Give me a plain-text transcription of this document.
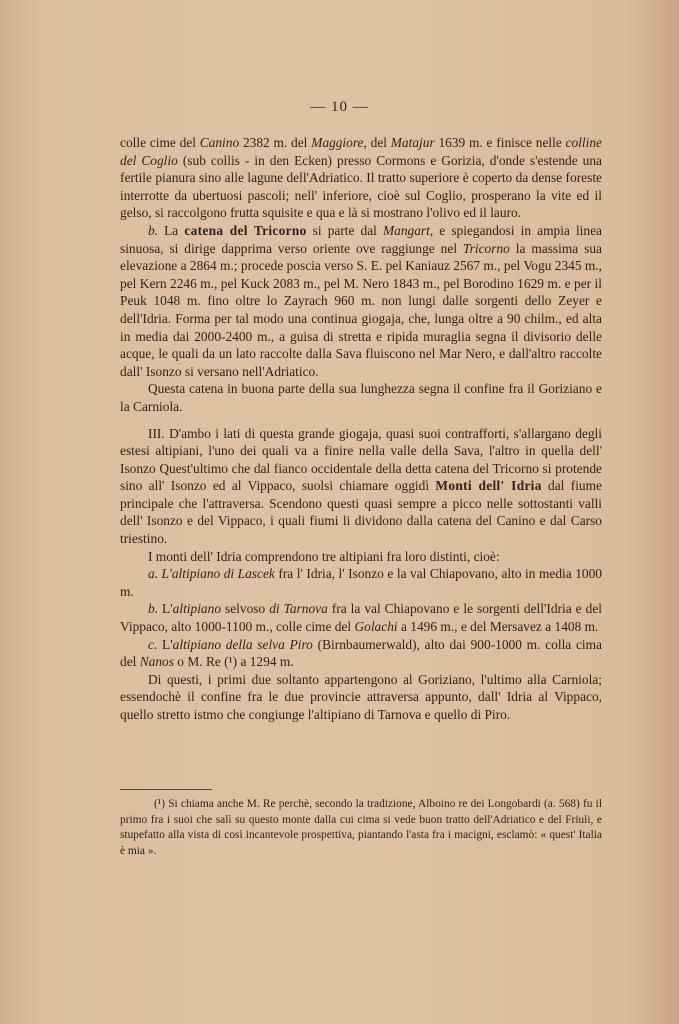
— 10 —

colle cime del Canino 2382 m. del Maggiore, del Matajur 1639 m. e finisce nelle colline del Coglio (sub collis - in den Ecken) presso Cormons e Gorizia, d'onde s'estende una fertile pianura sino alle lagune dell'Adriatico. Il tratto superiore è coperto da dense foreste interrotte da ubertuosi pascoli; nell' inferiore, cioè sul Coglio, prosperano la vite ed il gelso, si raccolgono frutta squisite e qua e là si mostrano l'olivo ed il lauro.

b. La catena del Tricorno si parte dal Mangart, e spiegandosi in ampia linea sinuosa, si dirige dapprima verso oriente ove raggiunge nel Tricorno la massima sua elevazione a 2864 m.; procede poscia verso S. E. pel Kaniauz 2567 m., pel Vogu 2345 m., pel Kern 2246 m., pel Kuck 2083 m., pel M. Nero 1843 m., pel Borodino 1629 m. e per il Peuk 1048 m. fino oltre lo Zayrach 960 m. non lungi dalle sorgenti dello Zeyer e dell'Idria. Forma per tal modo una continua giogaja, che, lunga oltre a 90 chilm., ed alta in media dai 2000-2400 m., a guisa di stretta e ripida muraglia segna il divisorio delle acque, le quali da un lato raccolte dalla Sava fluiscono nel Mar Nero, e dall'altro raccolte dall' Isonzo si versano nell'Adriatico.

Questa catena in buona parte della sua lunghezza segna il confine fra il Goriziano e la Carniola.

III. D'ambo i lati di questa grande giogaja, quasi suoi contrafforti, s'allargano degli estesi altipiani, l'uno dei quali va a finire nella valle della Sava, l'altro in quella dell' Isonzo Quest'ultimo che dal fianco occidentale della detta catena del Tricorno si protende sino all' Isonzo ed al Vippaco, suolsi chiamare oggidì Monti dell' Idria dal fiume principale che l'attraversa. Scendono questi quasi sempre a picco nelle sottostanti valli dell' Isonzo e del Vippaco, i quali fiumi li dividono dalla catena del Canino e dal Carso triestino.

I monti dell' Idria comprendono tre altipiani fra loro distinti, cioè:

a. L'altipiano di Lascek fra l' Idria, l' Isonzo e la val Chiapovano, alto in media 1000 m.

b. L'altipiano selvoso di Tarnova fra la val Chiapovano e le sorgenti dell'Idria e del Vippaco, alto 1000-1100 m., colle cime del Golachi a 1496 m., e del Mersavez a 1408 m.

c. L'altipiano della selva Piro (Birnbaumerwald), alto dai 900-1000 m. colla cima del Nanos o M. Re (¹) a 1294 m.

Di questi, i primi due soltanto appartengono al Goriziano, l'ultimo alla Carniola; essendochè il confine fra le due provincie attraversa appunto, dall' Idria al Vippaco, quello stretto istmo che congiunge l'altipiano di Tarnova e quello di Piro.

(¹) Si chiama anche M. Re perchè, secondo la tradizione, Alboino re dei Longobardi (a. 568) fu il primo fra i suoi che salì su questo monte dalla cui cima si vede buon tratto dell'Adriatico e del Friuli, e stupefatto alla vista di così incantevole prospettiva, piantando l'asta fra i macigni, esclamò: « quest' Italia è mia ».
